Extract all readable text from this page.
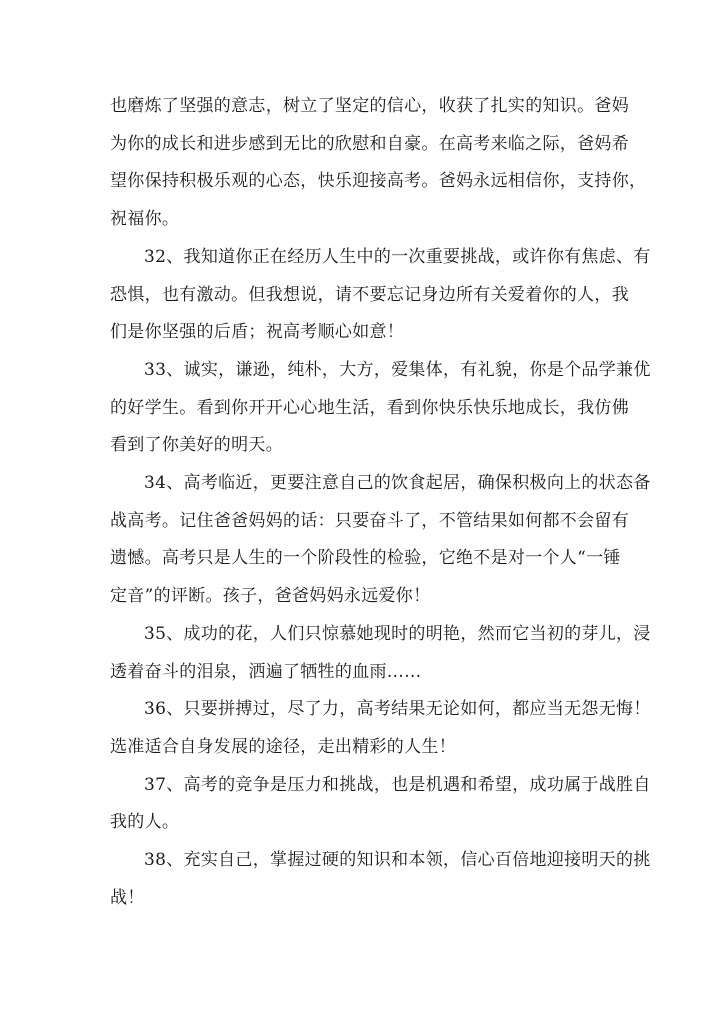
也磨炼了坚强的意志，树立了坚定的信心，收获了扎实的知识。爸妈
为你的成长和进步感到无比的欣慰和自豪。在高考来临之际，爸妈希
望你保持积极乐观的心态，快乐迎接高考。爸妈永远相信你，支持你，
祝福你。

32、我知道你正在经历人生中的一次重要挑战，或许你有焦虑、有
恐惧，也有激动。但我想说，请不要忘记身边所有关爱着你的人，我
们是你坚强的后盾；祝高考顺心如意！

33、诚实，谦逊，纯朴，大方，爱集体，有礼貌，你是个品学兼优
的好学生。看到你开开心心地生活，看到你快乐快乐地成长，我仿佛
看到了你美好的明天。

34、高考临近，更要注意自己的饮食起居，确保积极向上的状态备
战高考。记住爸爸妈妈的话：只要奋斗了，不管结果如何都不会留有
遗憾。高考只是人生的一个阶段性的检验，它绝不是对一个人“一锤
定音”的评断。孩子，爸爸妈妈永远爱你！

35、成功的花，人们只惊慕她现时的明艳，然而它当初的芽儿，浸
透着奋斗的泪泉，洒遍了牺牲的血雨……

36、只要拼搏过，尽了力，高考结果无论如何，都应当无怨无悔！
选准适合自身发展的途径，走出精彩的人生！

37、高考的竞争是压力和挑战，也是机遇和希望，成功属于战胜自
我的人。

38、充实自己，掌握过硬的知识和本领，信心百倍地迎接明天的挑
战！
